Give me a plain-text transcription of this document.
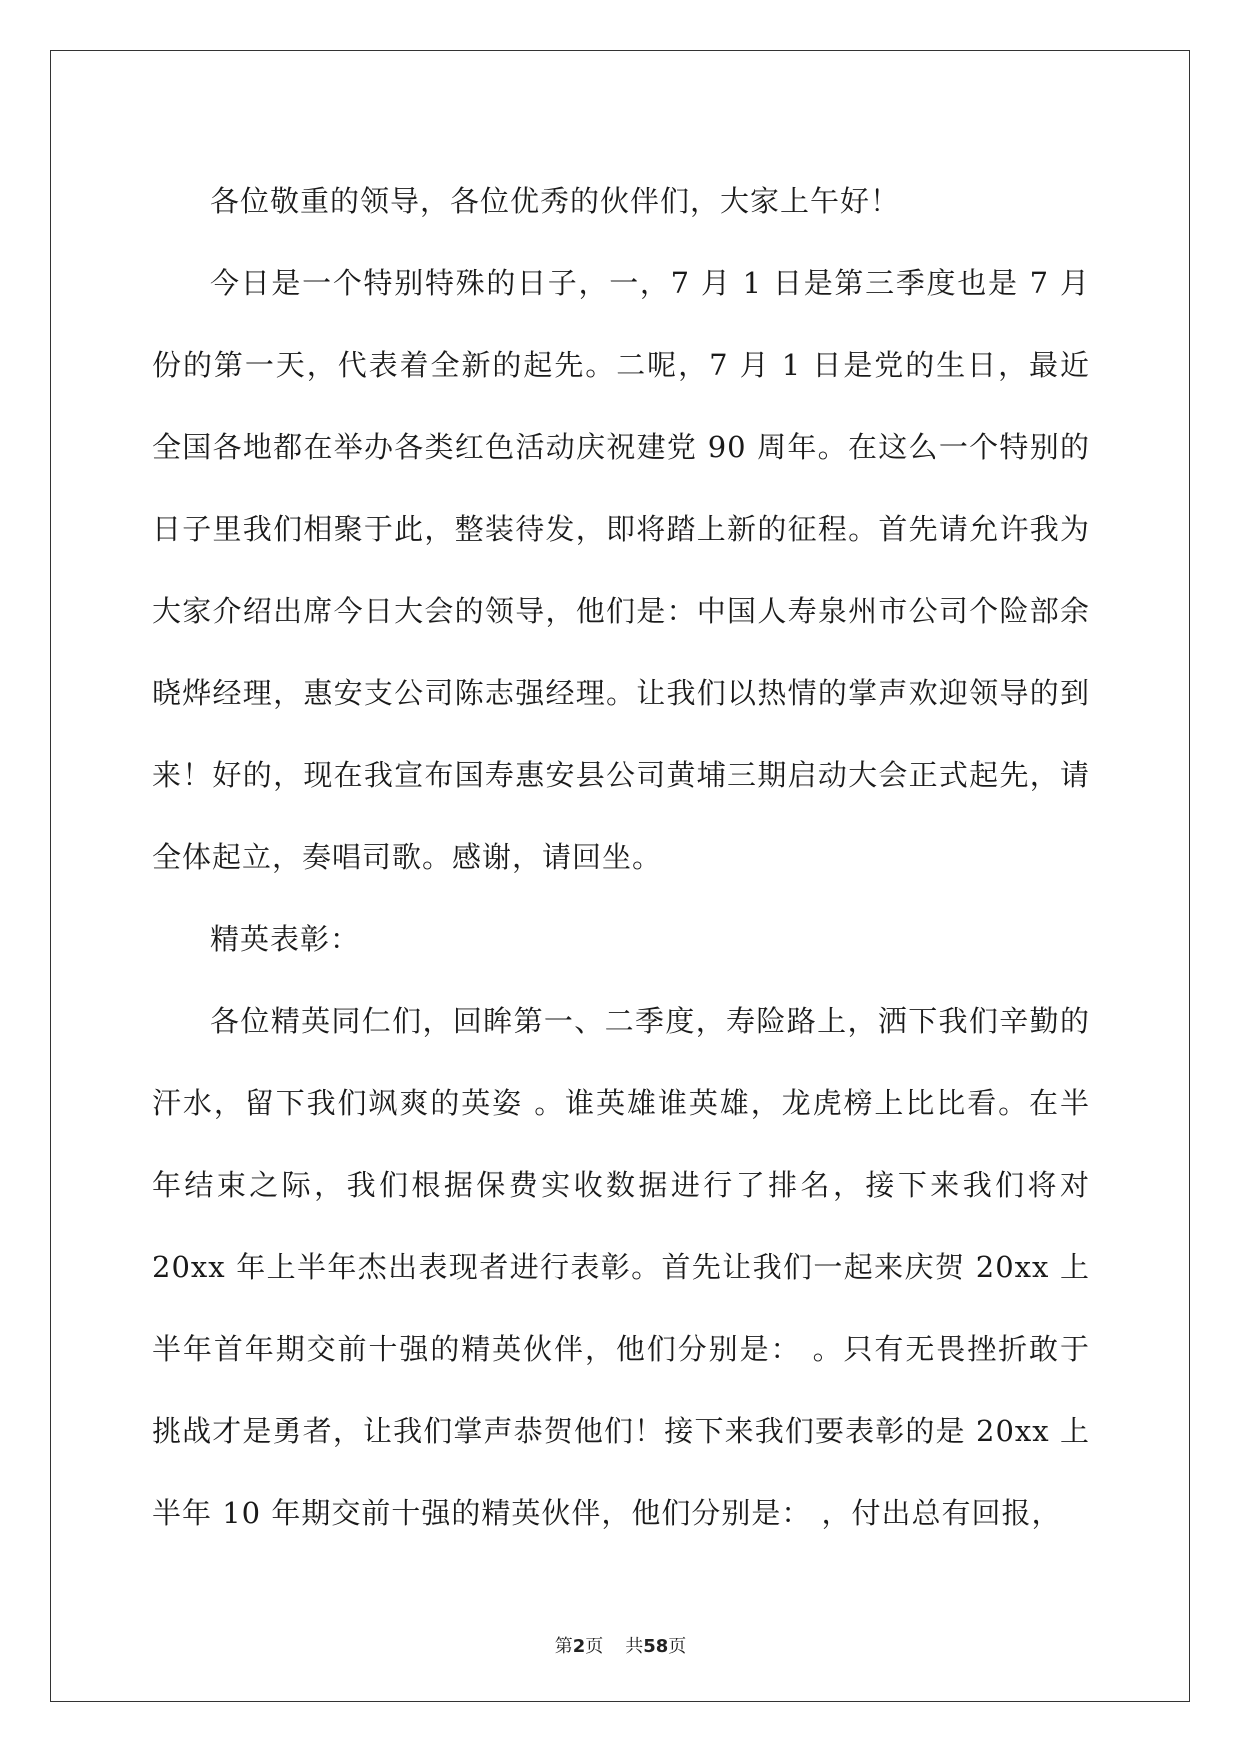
各位敬重的领导，各位优秀的伙伴们，大家上午好！

今日是一个特别特殊的日子，一，7 月 1 日是第三季度也是 7 月份的第一天，代表着全新的起先。二呢，7 月 1 日是党的生日，最近全国各地都在举办各类红色活动庆祝建党 90 周年。在这么一个特别的日子里我们相聚于此，整装待发，即将踏上新的征程。首先请允许我为大家介绍出席今日大会的领导，他们是：中国人寿泉州市公司个险部余晓烨经理，惠安支公司陈志强经理。让我们以热情的掌声欢迎领导的到来！好的，现在我宣布国寿惠安县公司黄埔三期启动大会正式起先，请全体起立，奏唱司歌。感谢，请回坐。

精英表彰：

各位精英同仁们，回眸第一、二季度，寿险路上，洒下我们辛勤的汗水，留下我们飒爽的英姿 。谁英雄谁英雄，龙虎榜上比比看。在半年结束之际，我们根据保费实收数据进行了排名，接下来我们将对 20xx 年上半年杰出表现者进行表彰。首先让我们一起来庆贺 20xx 上半年首年期交前十强的精英伙伴，他们分别是： 。只有无畏挫折敢于挑战才是勇者，让我们掌声恭贺他们！接下来我们要表彰的是 20xx 上半年 10 年期交前十强的精英伙伴，他们分别是： ，付出总有回报，

第2页 共58页
